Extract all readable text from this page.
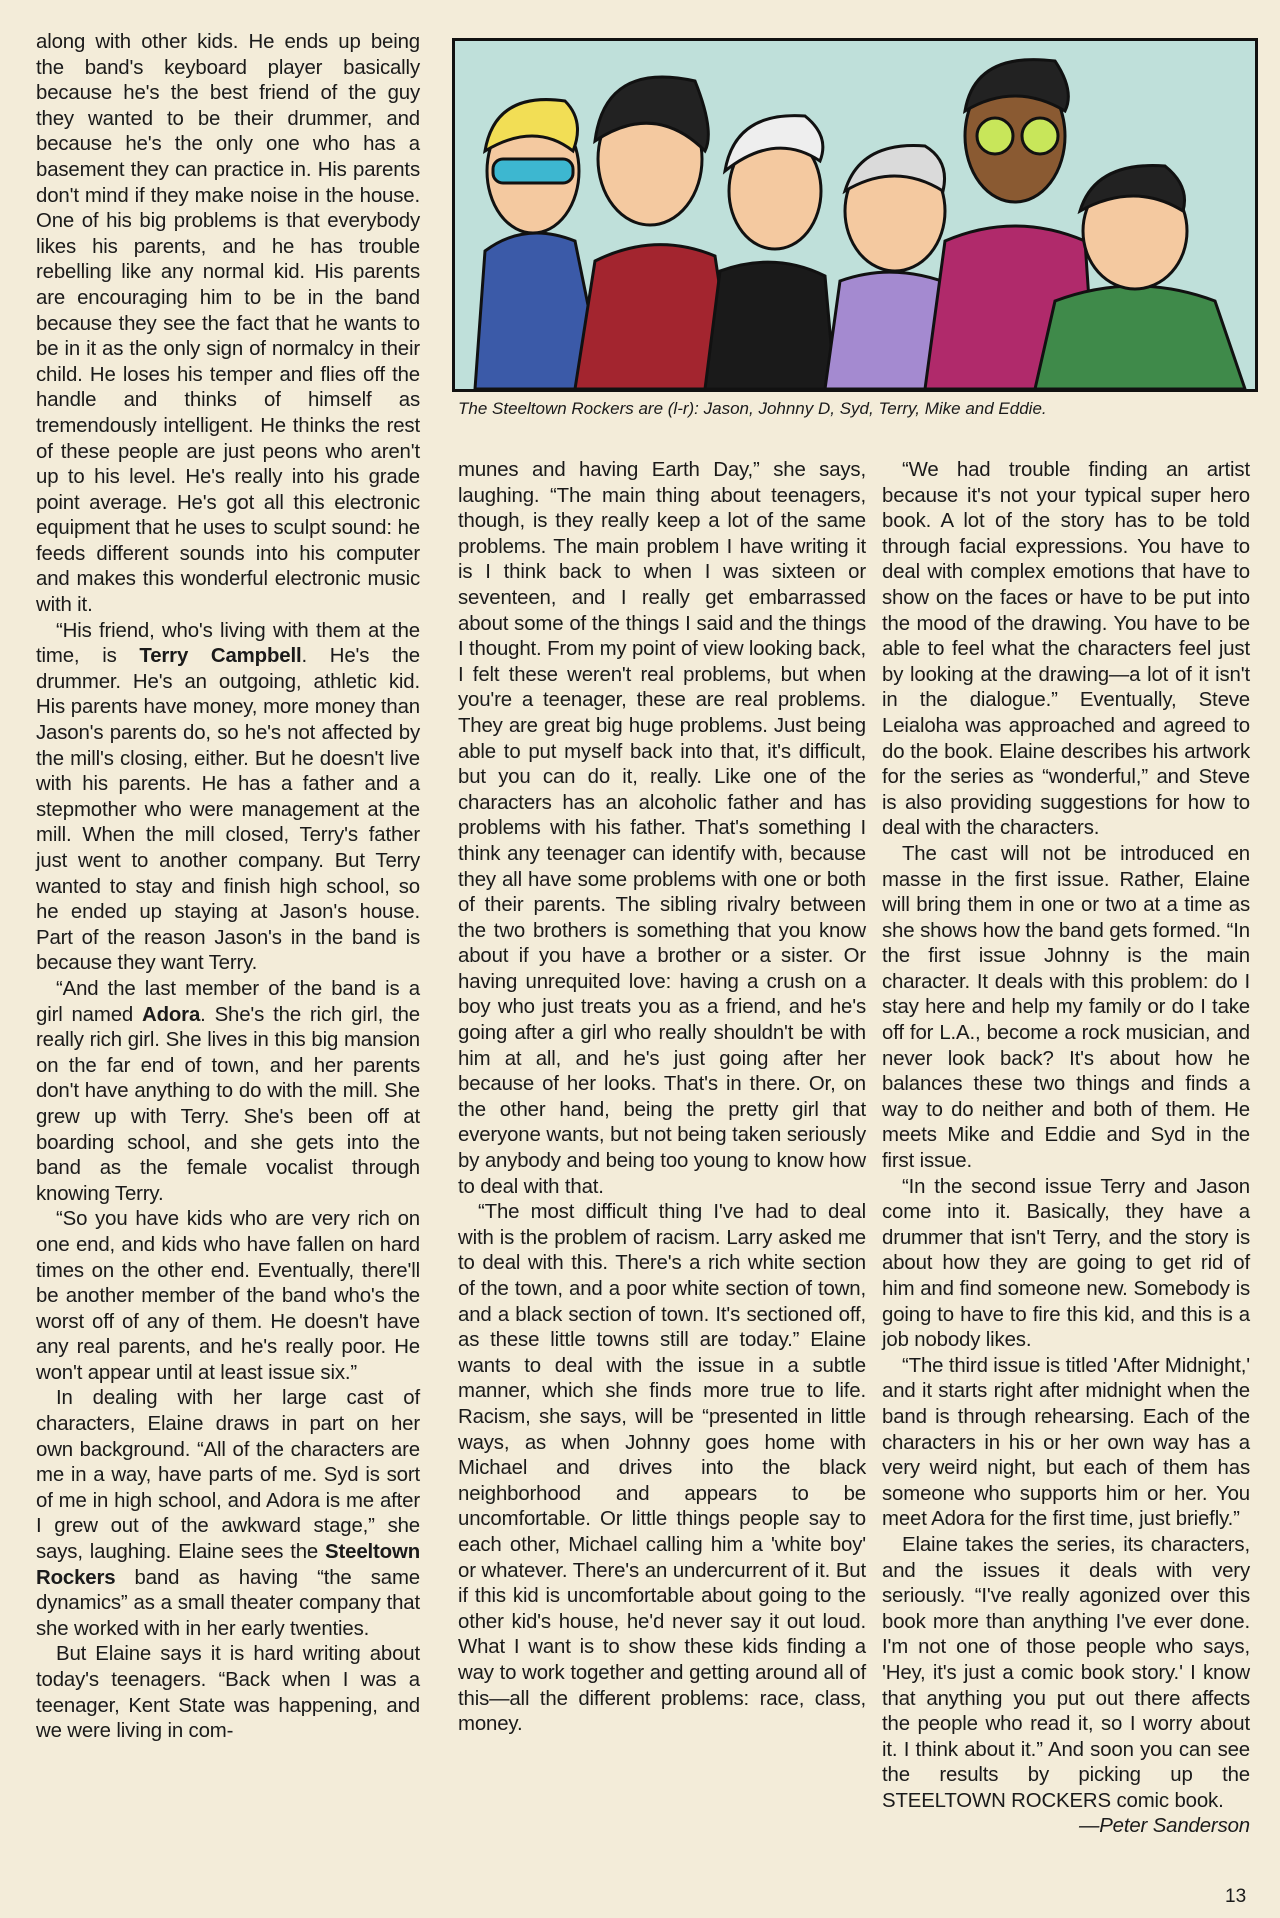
The Steeltown Rockers are (l-r): Jason, Johnny D, Syd, Terry, Mike and Eddie.

along with other kids. He ends up being the band's keyboard player basically because he's the best friend of the guy they wanted to be their drummer, and because he's the only one who has a basement they can practice in. His parents don't mind if they make noise in the house. One of his big problems is that everybody likes his parents, and he has trouble rebelling like any normal kid. His parents are encouraging him to be in the band because they see the fact that he wants to be in it as the only sign of normalcy in their child. He loses his temper and flies off the handle and thinks of himself as tremendously intelligent. He thinks the rest of these people are just peons who aren't up to his level. He's really into his grade point average. He's got all this electronic equipment that he uses to sculpt sound: he feeds different sounds into his computer and makes this wonderful electronic music with it.

“His friend, who's living with them at the time, is Terry Campbell. He's the drummer. He's an outgoing, athletic kid. His parents have money, more money than Jason's parents do, so he's not affected by the mill's closing, either. But he doesn't live with his parents. He has a father and a stepmother who were management at the mill. When the mill closed, Terry's father just went to another company. But Terry wanted to stay and finish high school, so he ended up staying at Jason's house. Part of the reason Jason's in the band is because they want Terry.

“And the last member of the band is a girl named Adora. She's the rich girl, the really rich girl. She lives in this big mansion on the far end of town, and her parents don't have anything to do with the mill. She grew up with Terry. She's been off at boarding school, and she gets into the band as the female vocalist through knowing Terry.

“So you have kids who are very rich on one end, and kids who have fallen on hard times on the other end. Eventually, there'll be another member of the band who's the worst off of any of them. He doesn't have any real parents, and he's really poor. He won't appear until at least issue six.”

In dealing with her large cast of characters, Elaine draws in part on her own background. “All of the characters are me in a way, have parts of me. Syd is sort of me in high school, and Adora is me after I grew out of the awkward stage,” she says, laughing. Elaine sees the Steeltown Rockers band as having “the same dynamics” as a small theater company that she worked with in her early twenties.

But Elaine says it is hard writing about today's teenagers. “Back when I was a teenager, Kent State was happening, and we were living in com-

munes and having Earth Day,” she says, laughing. “The main thing about teenagers, though, is they really keep a lot of the same problems. The main problem I have writing it is I think back to when I was sixteen or seventeen, and I really get embarrassed about some of the things I said and the things I thought. From my point of view looking back, I felt these weren't real problems, but when you're a teenager, these are real problems. They are great big huge problems. Just being able to put myself back into that, it's difficult, but you can do it, really. Like one of the characters has an alcoholic father and has problems with his father. That's something I think any teenager can identify with, because they all have some problems with one or both of their parents. The sibling rivalry between the two brothers is something that you know about if you have a brother or a sister. Or having unrequited love: having a crush on a boy who just treats you as a friend, and he's going after a girl who really shouldn't be with him at all, and he's just going after her because of her looks. That's in there. Or, on the other hand, being the pretty girl that everyone wants, but not being taken seriously by anybody and being too young to know how to deal with that.

“The most difficult thing I've had to deal with is the problem of racism. Larry asked me to deal with this. There's a rich white section of the town, and a poor white section of town, and a black section of town. It's sectioned off, as these little towns still are today.” Elaine wants to deal with the issue in a subtle manner, which she finds more true to life. Racism, she says, will be “presented in little ways, as when Johnny goes home with Michael and drives into the black neighborhood and appears to be uncomfortable. Or little things people say to each other, Michael calling him a 'white boy' or whatever. There's an undercurrent of it. But if this kid is uncomfortable about going to the other kid's house, he'd never say it out loud. What I want is to show these kids finding a way to work together and getting around all of this—all the different problems: race, class, money.

“We had trouble finding an artist because it's not your typical super hero book. A lot of the story has to be told through facial expressions. You have to deal with complex emotions that have to show on the faces or have to be put into the mood of the drawing. You have to be able to feel what the characters feel just by looking at the drawing—a lot of it isn't in the dialogue.” Eventually, Steve Leialoha was approached and agreed to do the book. Elaine describes his artwork for the series as “wonderful,” and Steve is also providing suggestions for how to deal with the characters.

The cast will not be introduced en masse in the first issue. Rather, Elaine will bring them in one or two at a time as she shows how the band gets formed. “In the first issue Johnny is the main character. It deals with this problem: do I stay here and help my family or do I take off for L.A., become a rock musician, and never look back? It's about how he balances these two things and finds a way to do neither and both of them. He meets Mike and Eddie and Syd in the first issue.

“In the second issue Terry and Jason come into it. Basically, they have a drummer that isn't Terry, and the story is about how they are going to get rid of him and find someone new. Somebody is going to have to fire this kid, and this is a job nobody likes.

“The third issue is titled 'After Midnight,' and it starts right after midnight when the band is through rehearsing. Each of the characters in his or her own way has a very weird night, but each of them has someone who supports him or her. You meet Adora for the first time, just briefly.”

Elaine takes the series, its characters, and the issues it deals with very seriously. “I've really agonized over this book more than anything I've ever done. I'm not one of those people who says, 'Hey, it's just a comic book story.' I know that anything you put out there affects the people who read it, so I worry about it. I think about it.” And soon you can see the results by picking up the STEELTOWN ROCKERS comic book.

—Peter Sanderson

13
